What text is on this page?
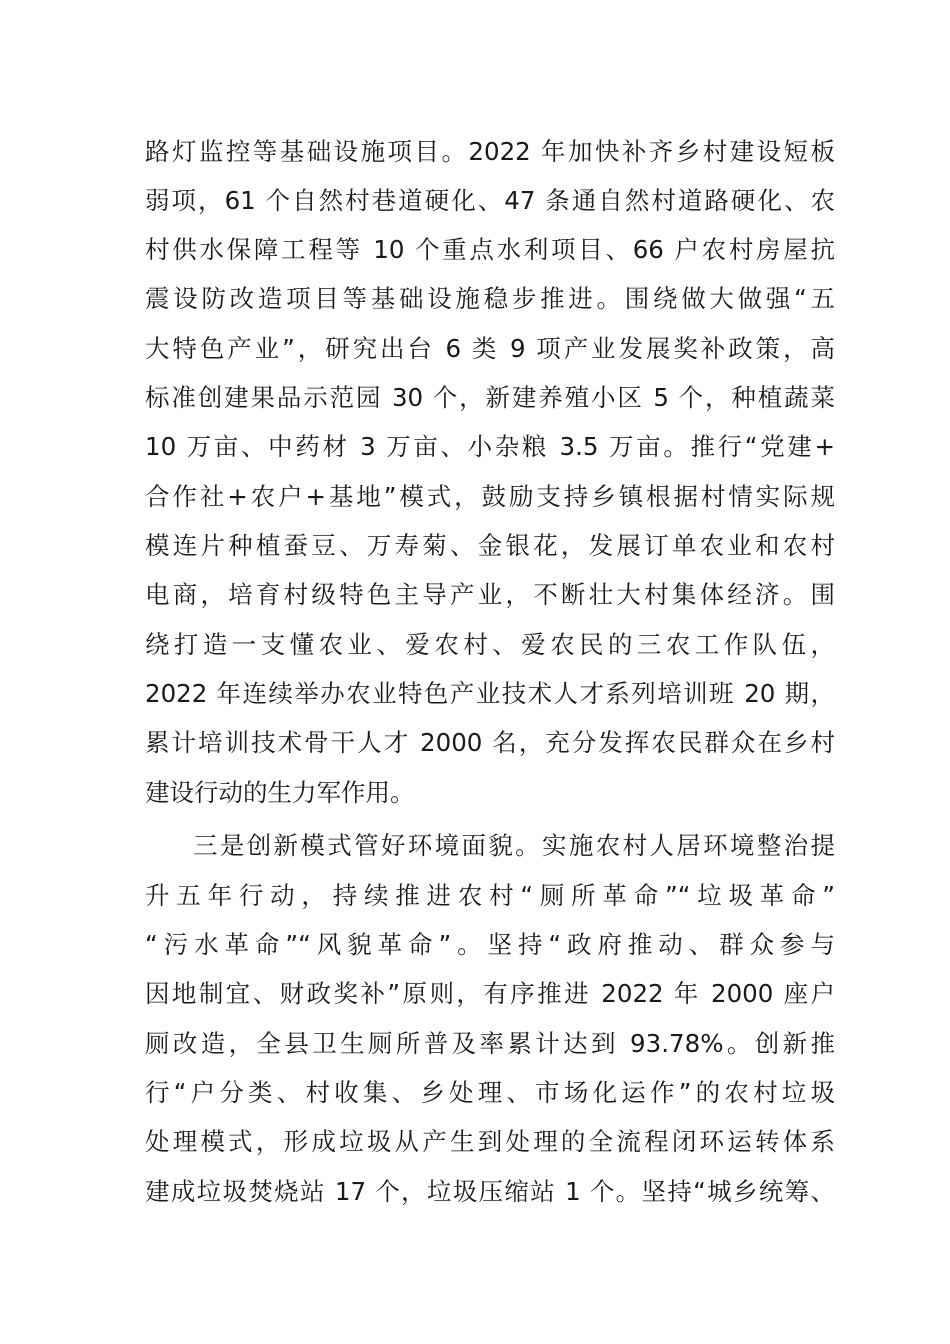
路灯监控等基础设施项目。2022 年加快补齐乡村建设短板
弱项，61 个自然村巷道硬化、47 条通自然村道路硬化、农
村供水保障工程等 10 个重点水利项目、66 户农村房屋抗
震设防改造项目等基础设施稳步推进。围绕做大做强“五
大特色产业”，研究出台 6 类 9 项产业发展奖补政策，高
标准创建果品示范园 30 个，新建养殖小区 5 个，种植蔬菜
10 万亩、中药材 3 万亩、小杂粮 3.5 万亩。推行“党建+
合作社+农户+基地”模式，鼓励支持乡镇根据村情实际规
模连片种植蚕豆、万寿菊、金银花，发展订单农业和农村
电商，培育村级特色主导产业，不断壮大村集体经济。围
绕打造一支懂农业、爱农村、爱农民的三农工作队伍，
2022 年连续举办农业特色产业技术人才系列培训班 20 期，
累计培训技术骨干人才 2000 名，充分发挥农民群众在乡村
建设行动的生力军作用。
三是创新模式管好环境面貌。实施农村人居环境整治提
升五年行动，持续推进农村“厕所革命”“垃圾革命”
“污水革命”“风貌革命”。坚持“政府推动、群众参与
因地制宜、财政奖补”原则，有序推进 2022 年 2000 座户
厕改造，全县卫生厕所普及率累计达到 93.78%。创新推
行“户分类、村收集、乡处理、市场化运作”的农村垃圾
处理模式，形成垃圾从产生到处理的全流程闭环运转体系
建成垃圾焚烧站 17 个，垃圾压缩站 1 个。坚持“城乡统筹、
